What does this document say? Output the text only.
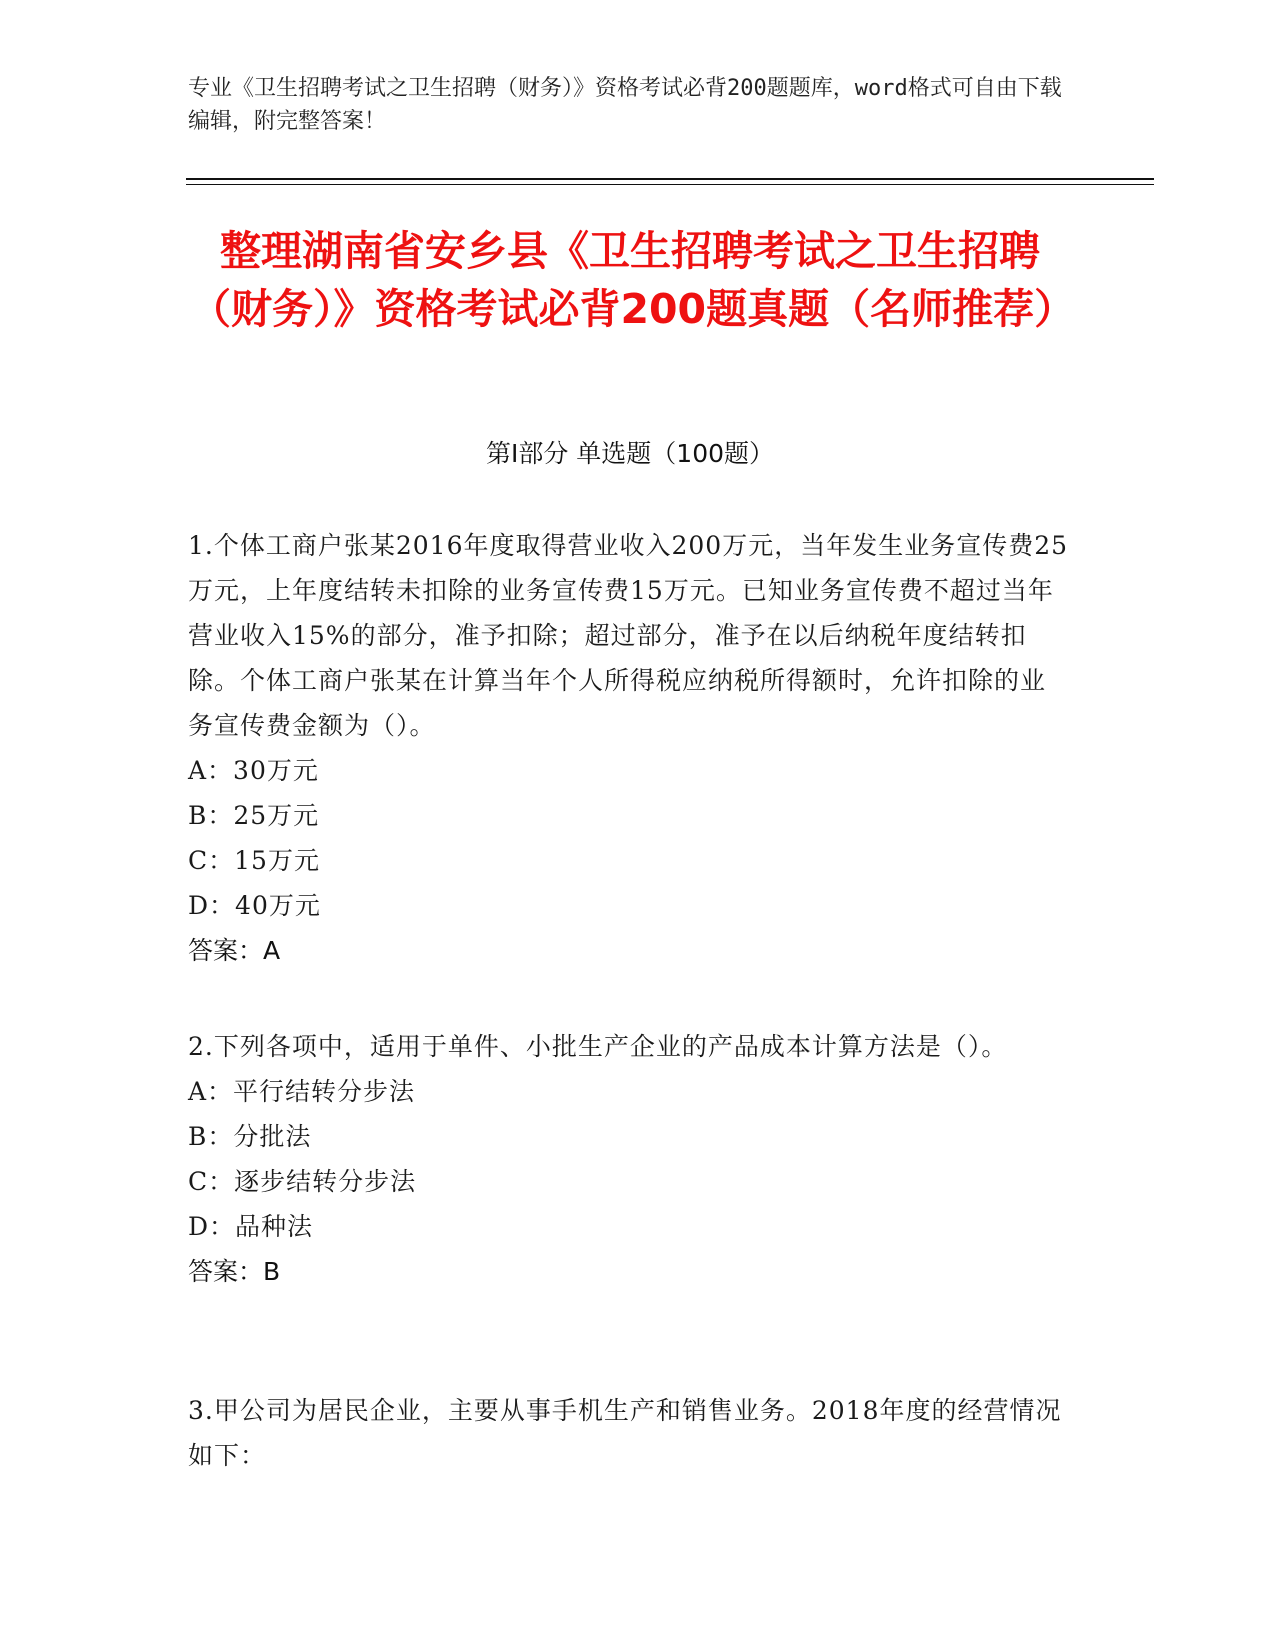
专业《卫生招聘考试之卫生招聘（财务）》资格考试必背200题题库，word格式可自由下载编辑，附完整答案！
整理湖南省安乡县《卫生招聘考试之卫生招聘（财务）》资格考试必背200题真题（名师推荐）
第Ⅰ部分 单选题（100题）
1.个体工商户张某2016年度取得营业收入200万元，当年发生业务宣传费25万元，上年度结转未扣除的业务宣传费15万元。已知业务宣传费不超过当年营业收入15%的部分，准予扣除；超过部分，准予在以后纳税年度结转扣除。个体工商户张某在计算当年个人所得税应纳税所得额时，允许扣除的业务宣传费金额为（）。
A：30万元
B：25万元
C：15万元
D：40万元
答案：A
2.下列各项中，适用于单件、小批生产企业的产品成本计算方法是（）。
A：平行结转分步法
B：分批法
C：逐步结转分步法
D：品种法
答案：B
3.甲公司为居民企业，主要从事手机生产和销售业务。2018年度的经营情况如下：
